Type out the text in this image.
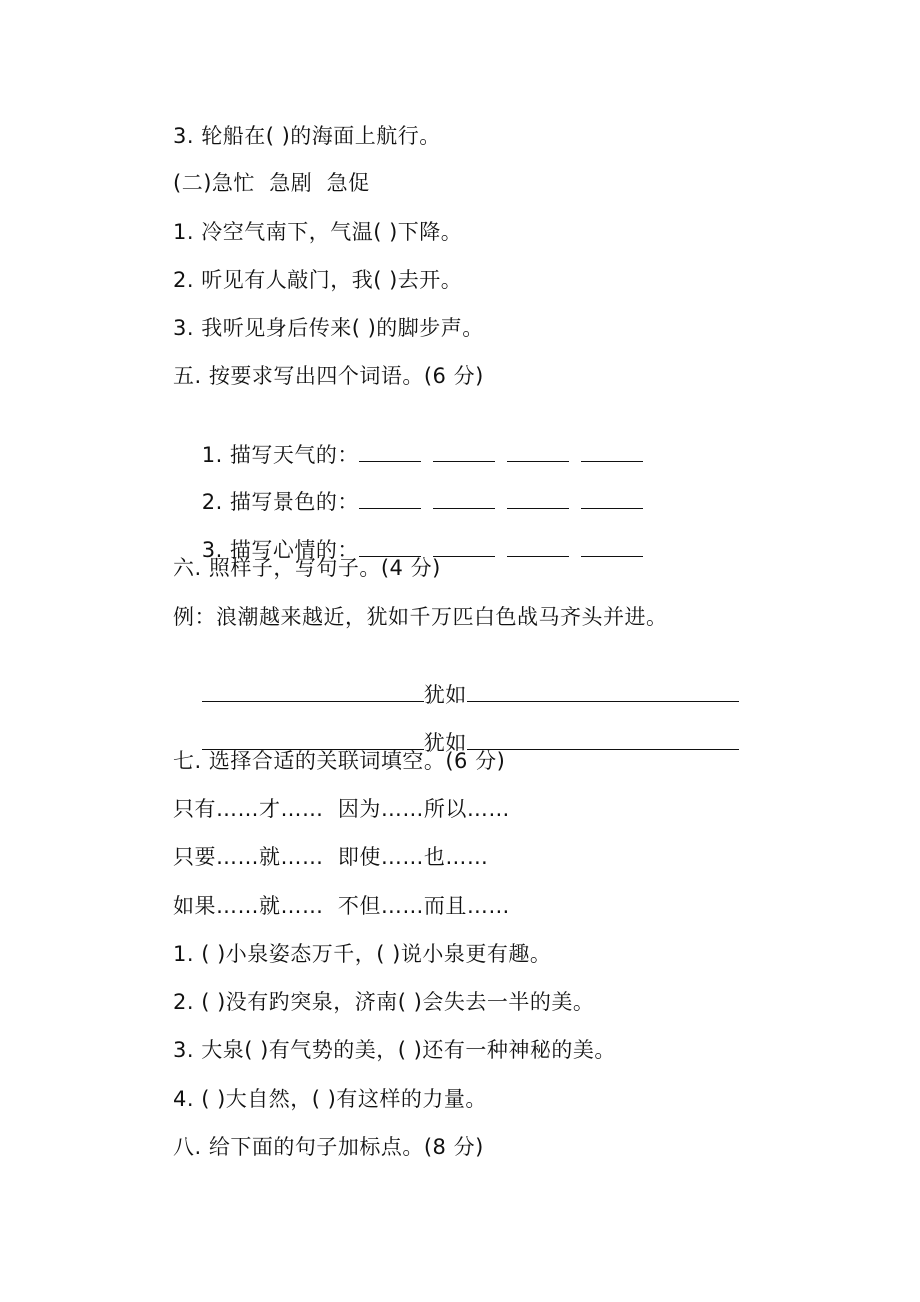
3. 轮船在( )的海面上航行。
(二)急忙  急剧  急促
1. 冷空气南下，气温( )下降。
2. 听见有人敲门，我( )去开。
3. 我听见身后传来( )的脚步声。
五. 按要求写出四个词语。(6 分)

1. 描写天气的：

2. 描写景色的：

3. 描写心情的：

六. 照样子，写句子。(4 分)
例：浪潮越来越近，犹如千万匹白色战马齐头并进。

犹如

犹如

七. 选择合适的关联词填空。(6 分)
只有……才……  因为……所以……
只要……就……  即使……也……
如果……就……  不但……而且……
1. ( )小泉姿态万千，( )说小泉更有趣。
2. ( )没有趵突泉，济南( )会失去一半的美。
3. 大泉( )有气势的美，( )还有一种神秘的美。
4. ( )大自然，( )有这样的力量。
八. 给下面的句子加标点。(8 分)
